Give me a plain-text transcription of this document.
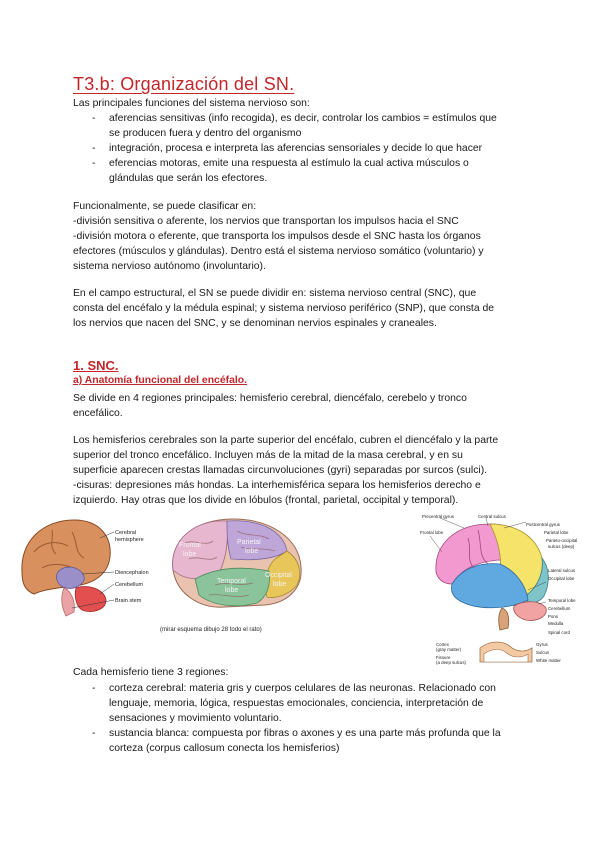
T3.b: Organización del SN.

Las principales funciones del sistema nervioso son:

- aferencias sensitivas (info recogida), es decir, controlar los cambios = estímulos que
se producen fuera y dentro del organismo
- integración, procesa e interpreta las aferencias sensoriales y decide lo que hacer
- eferencias motoras, emite una respuesta al estímulo la cual activa músculos o
glándulas que serán los efectores.

Funcionalmente, se puede clasificar en:

-división sensitiva o aferente, los nervios que transportan los impulsos hacia el SNC

-división motora o eferente, que transporta los impulsos desde el SNC hasta los órganos

efectores (músculos y glándulas). Dentro está el sistema nervioso somático (voluntario) y

sistema nervioso autónomo (involuntario).

En el campo estructural, el SN se puede dividir en: sistema nervioso central (SNC), que

consta del encéfalo y la médula espinal; y sistema nervioso periférico (SNP), que consta de

los nervios que nacen del SNC, y se denominan nervios espinales y craneales.

1. SNC.
a) Anatomía funcional del encéfalo.

Se divide en 4 regiones principales: hemisferio cerebral, diencéfalo, cerebelo y tronco

encefálico.

Los hemisferios cerebrales son la parte superior del encéfalo, cubren el diencéfalo y la parte

superior del tronco encefálico. Incluyen más de la mitad de la masa cerebral, y en su

superficie aparecen crestas llamadas circunvoluciones (gyri) separadas por surcos (sulci).

-cisuras: depresiones más hondas. La interhemisférica separa los hemisferios derecho e

izquierdo. Hay otras que los divide en lóbulos (frontal, parietal, occipital y temporal).

Cerebral
hemisphere
Diencephalon
Cerebellum
Brain stem
Frontal
lobe
Parietal
lobe
Temporal
lobe
Occipital
lobe
(mirar esquema dibujo 28 todo el rato)
Precentral gyrus	Central sulcus
Postcentral gyrus
Parietal lobe
Parieto-occipital
sulcus (deep)
Frontal lobe
Lateral sulcus
Occipital lobe
Temporal lobe
Cerebellum
Pons
Medulla
Spinal cord
Cortex
(gray matter)
Fissure
(a deep sulcus)
Gyrus
Sulcus
White matter

Cada hemisferio tiene 3 regiones:

- corteza cerebral: materia gris y cuerpos celulares de las neuronas. Relacionado con
lenguaje, memoria, lógica, respuestas emocionales, conciencia, interpretación de
sensaciones y movimiento voluntario.
- sustancia blanca: compuesta por fibras o axones y es una parte más profunda que la
corteza (corpus callosum conecta los hemisferios)
